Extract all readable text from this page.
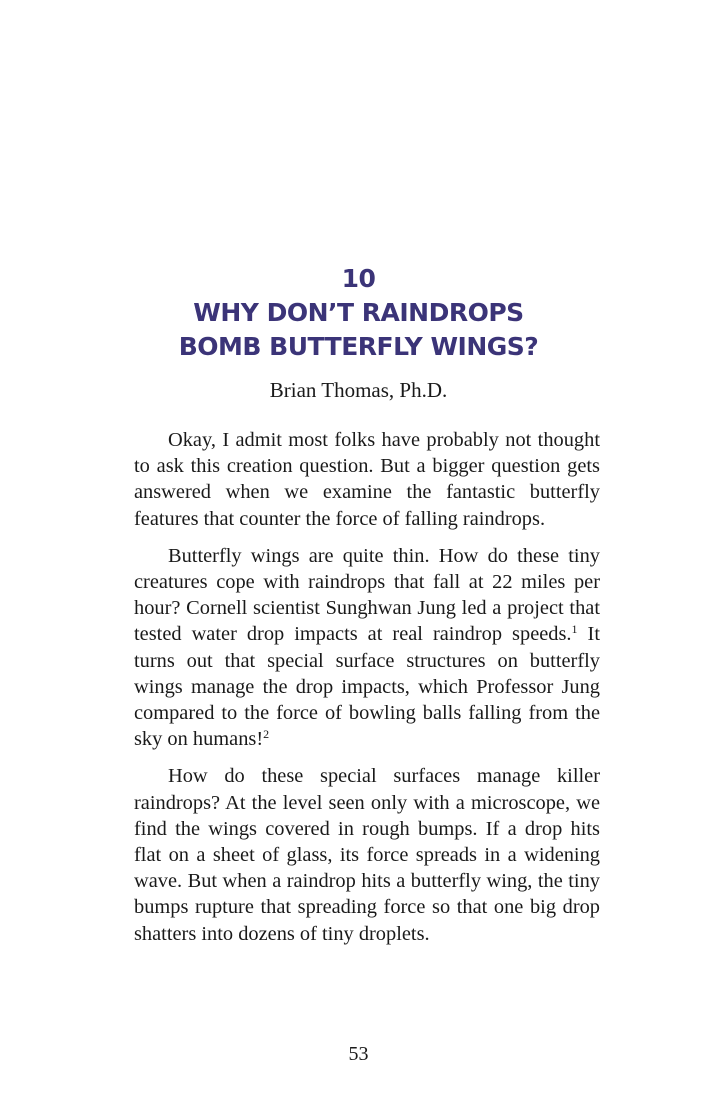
10
WHY DON’T RAINDROPS BOMB BUTTERFLY WINGS?
Brian Thomas, Ph.D.

Okay, I admit most folks have probably not thought to ask this creation question. But a bigger question gets answered when we examine the fantastic butterfly features that counter the force of falling raindrops.

Butterfly wings are quite thin. How do these tiny creatures cope with raindrops that fall at 22 miles per hour? Cornell scientist Sunghwan Jung led a project that tested water drop impacts at real raindrop speeds.$^1$ It turns out that special surface structures on butterfly wings manage the drop impacts, which Professor Jung compared to the force of bowling balls falling from the sky on humans!$^2$

How do these special surfaces manage killer raindrops? At the level seen only with a microscope, we find the wings covered in rough bumps. If a drop hits flat on a sheet of glass, its force spreads in a widening wave. But when a raindrop hits a butterfly wing, the tiny bumps rupture that spreading force so that one big drop shatters into dozens of tiny droplets.

53
